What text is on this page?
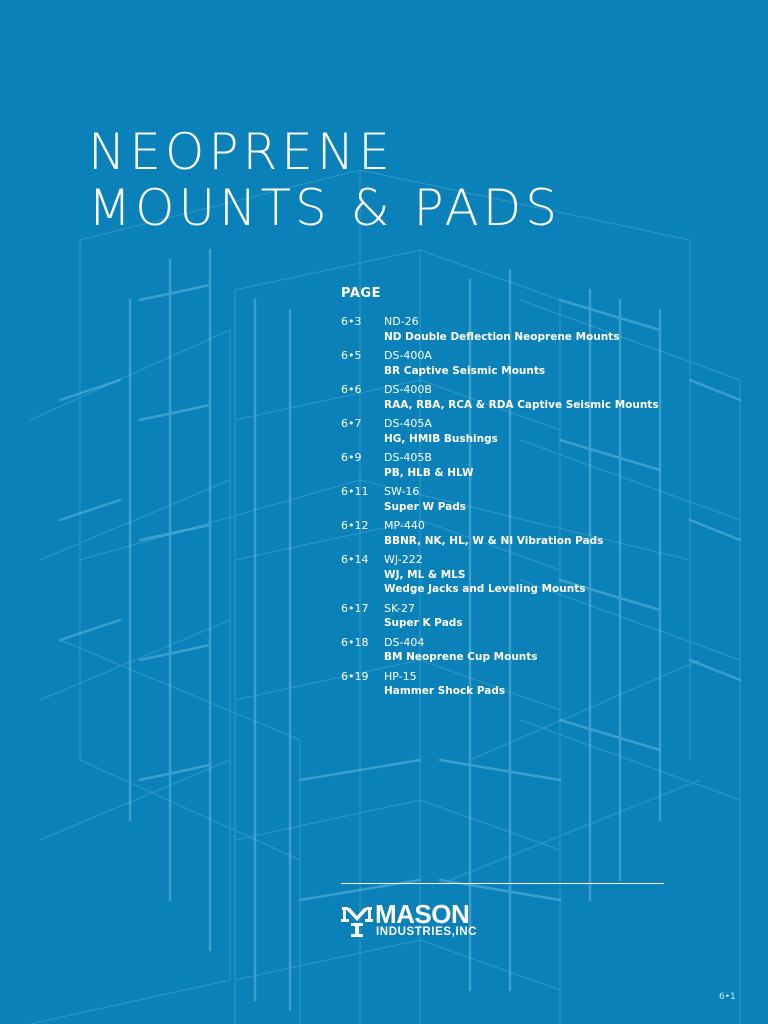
NEOPRENE
MOUNTS & PADS
PAGE
6•3	ND-26
ND Double Deflection Neoprene Mounts
6•5	DS-400A
BR Captive Seismic Mounts
6•6	DS-400B
RAA, RBA, RCA & RDA Captive Seismic Mounts
6•7	DS-405A
HG, HMIB Bushings
6•9	DS-405B
PB, HLB & HLW
6•11	SW-16
Super W Pads
6•12	MP-440
BBNR, NK, HL, W & NI Vibration Pads
6•14	WJ-222
WJ, ML & MLS
Wedge Jacks and Leveling Mounts
6•17	SK-27
Super K Pads
6•18	DS-404
BM Neoprene Cup Mounts
6•19	HP-15
Hammer Shock Pads
MASON
INDUSTRIES,INC
6•1
